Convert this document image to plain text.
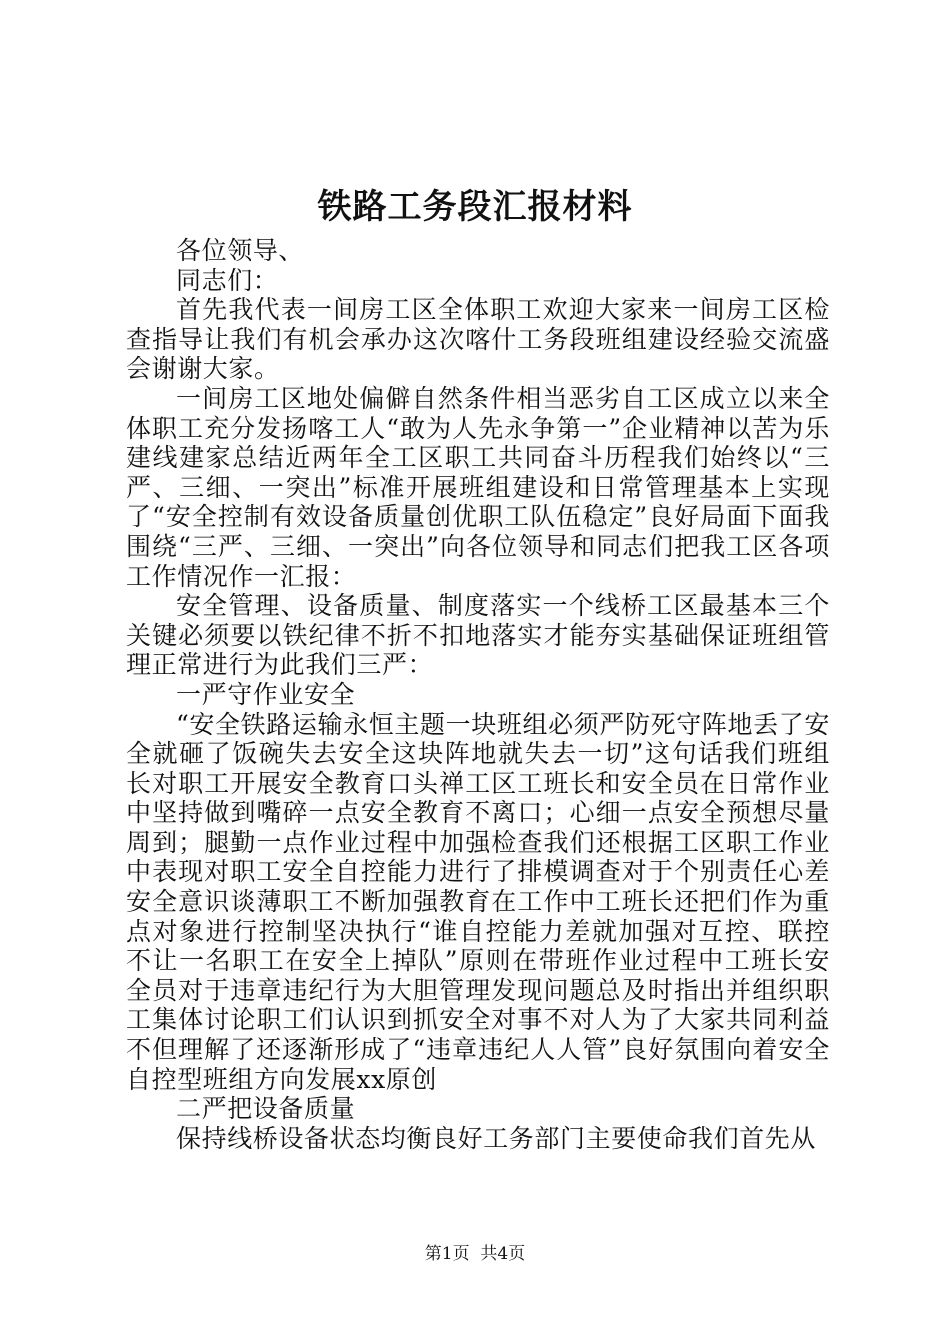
铁路工务段汇报材料

各位领导、

同志们：

首先我代表一间房工区全体职工欢迎大家来一间房工区检查指导让我们有机会承办这次喀什工务段班组建设经验交流盛会谢谢大家。

一间房工区地处偏僻自然条件相当恶劣自工区成立以来全体职工充分发扬喀工人“敢为人先永争第一”企业精神以苦为乐建线建家总结近两年全工区职工共同奋斗历程我们始终以“三严、三细、一突出”标准开展班组建设和日常管理基本上实现了“安全控制有效设备质量创优职工队伍稳定”良好局面下面我围绕“三严、三细、一突出”向各位领导和同志们把我工区各项工作情况作一汇报：

安全管理、设备质量、制度落实一个线桥工区最基本三个关键必须要以铁纪律不折不扣地落实才能夯实基础保证班组管理正常进行为此我们三严：

一严守作业安全

“安全铁路运输永恒主题一块班组必须严防死守阵地丢了安全就砸了饭碗失去安全这块阵地就失去一切”这句话我们班组长对职工开展安全教育口头禅工区工班长和安全员在日常作业中坚持做到嘴碎一点安全教育不离口；心细一点安全预想尽量周到；腿勤一点作业过程中加强检查我们还根据工区职工作业中表现对职工安全自控能力进行了排模调查对于个别责任心差安全意识谈薄职工不断加强教育在工作中工班长还把们作为重点对象进行控制坚决执行“谁自控能力差就加强对互控、联控不让一名职工在安全上掉队”原则在带班作业过程中工班长安全员对于违章违纪行为大胆管理发现问题总及时指出并组织职工集体讨论职工们认识到抓安全对事不对人为了大家共同利益不但理解了还逐渐形成了“违章违纪人人管”良好氛围向着安全自控型班组方向发展xx原创

二严把设备质量

保持线桥设备状态均衡良好工务部门主要使命我们首先从

第1页 共4页
